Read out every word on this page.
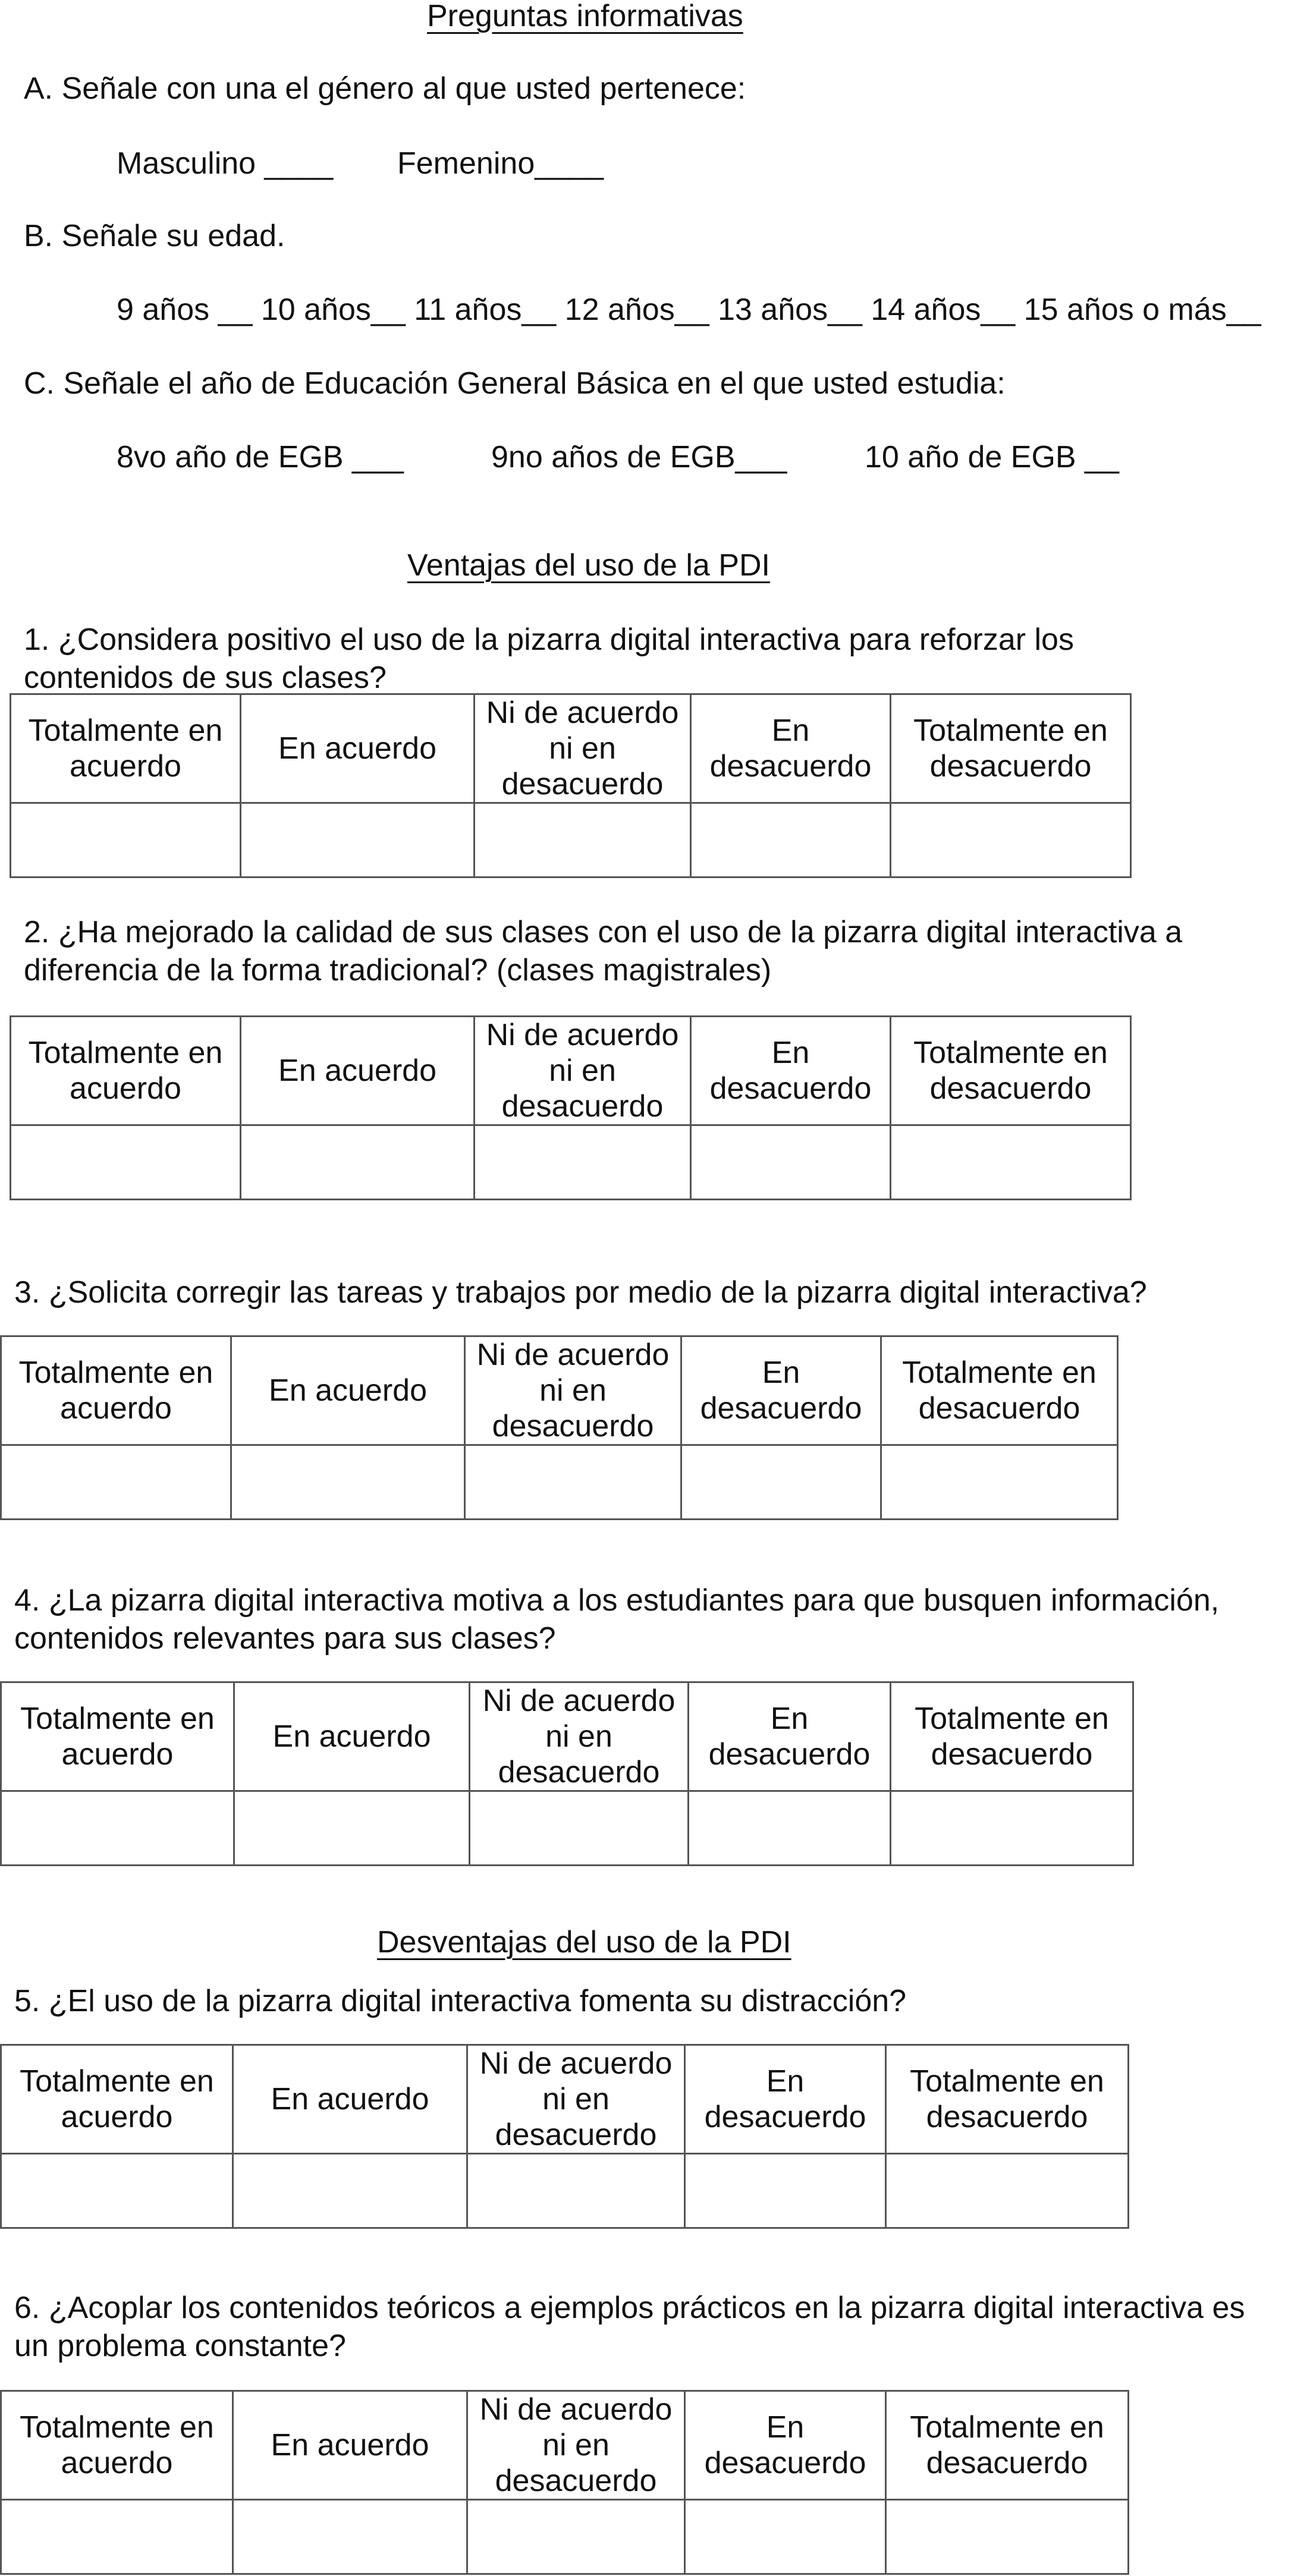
Preguntas informativas
A. Señale con una el género al que usted pertenece:
Masculino ____ Femenino____
B. Señale su edad.
9 años __ 10 años__ 11 años__ 12 años__ 13 años__ 14 años__ 15 años o más__
C. Señale el año de Educación General Básica en el que usted estudia:
8vo año de EGB ___	9no años de EGB___	10 año de EGB __
Ventajas del uso de la PDI
1. ¿Considera positivo el uso de la pizarra digital interactiva para reforzar los contenidos de sus clases?
Totalmente en acuerdo	En acuerdo	Ni de acuerdo ni en desacuerdo	En desacuerdo	Totalmente en desacuerdo

2. ¿Ha mejorado la calidad de sus clases con el uso de la pizarra digital interactiva a diferencia de la forma tradicional? (clases magistrales)
Totalmente en acuerdo	En acuerdo	Ni de acuerdo ni en desacuerdo	En desacuerdo	Totalmente en desacuerdo

3. ¿Solicita corregir las tareas y trabajos por medio de la pizarra digital interactiva?
Totalmente en acuerdo	En acuerdo	Ni de acuerdo ni en desacuerdo	En desacuerdo	Totalmente en desacuerdo

4. ¿La pizarra digital interactiva motiva a los estudiantes para que busquen información, contenidos relevantes para sus clases?
Totalmente en acuerdo	En acuerdo	Ni de acuerdo ni en desacuerdo	En desacuerdo	Totalmente en desacuerdo

Desventajas del uso de la PDI
5. ¿El uso de la pizarra digital interactiva fomenta su distracción?
Totalmente en acuerdo	En acuerdo	Ni de acuerdo ni en desacuerdo	En desacuerdo	Totalmente en desacuerdo

6. ¿Acoplar los contenidos teóricos a ejemplos prácticos en la pizarra digital interactiva es un problema constante?
Totalmente en acuerdo	En acuerdo	Ni de acuerdo ni en desacuerdo	En desacuerdo	Totalmente en desacuerdo
